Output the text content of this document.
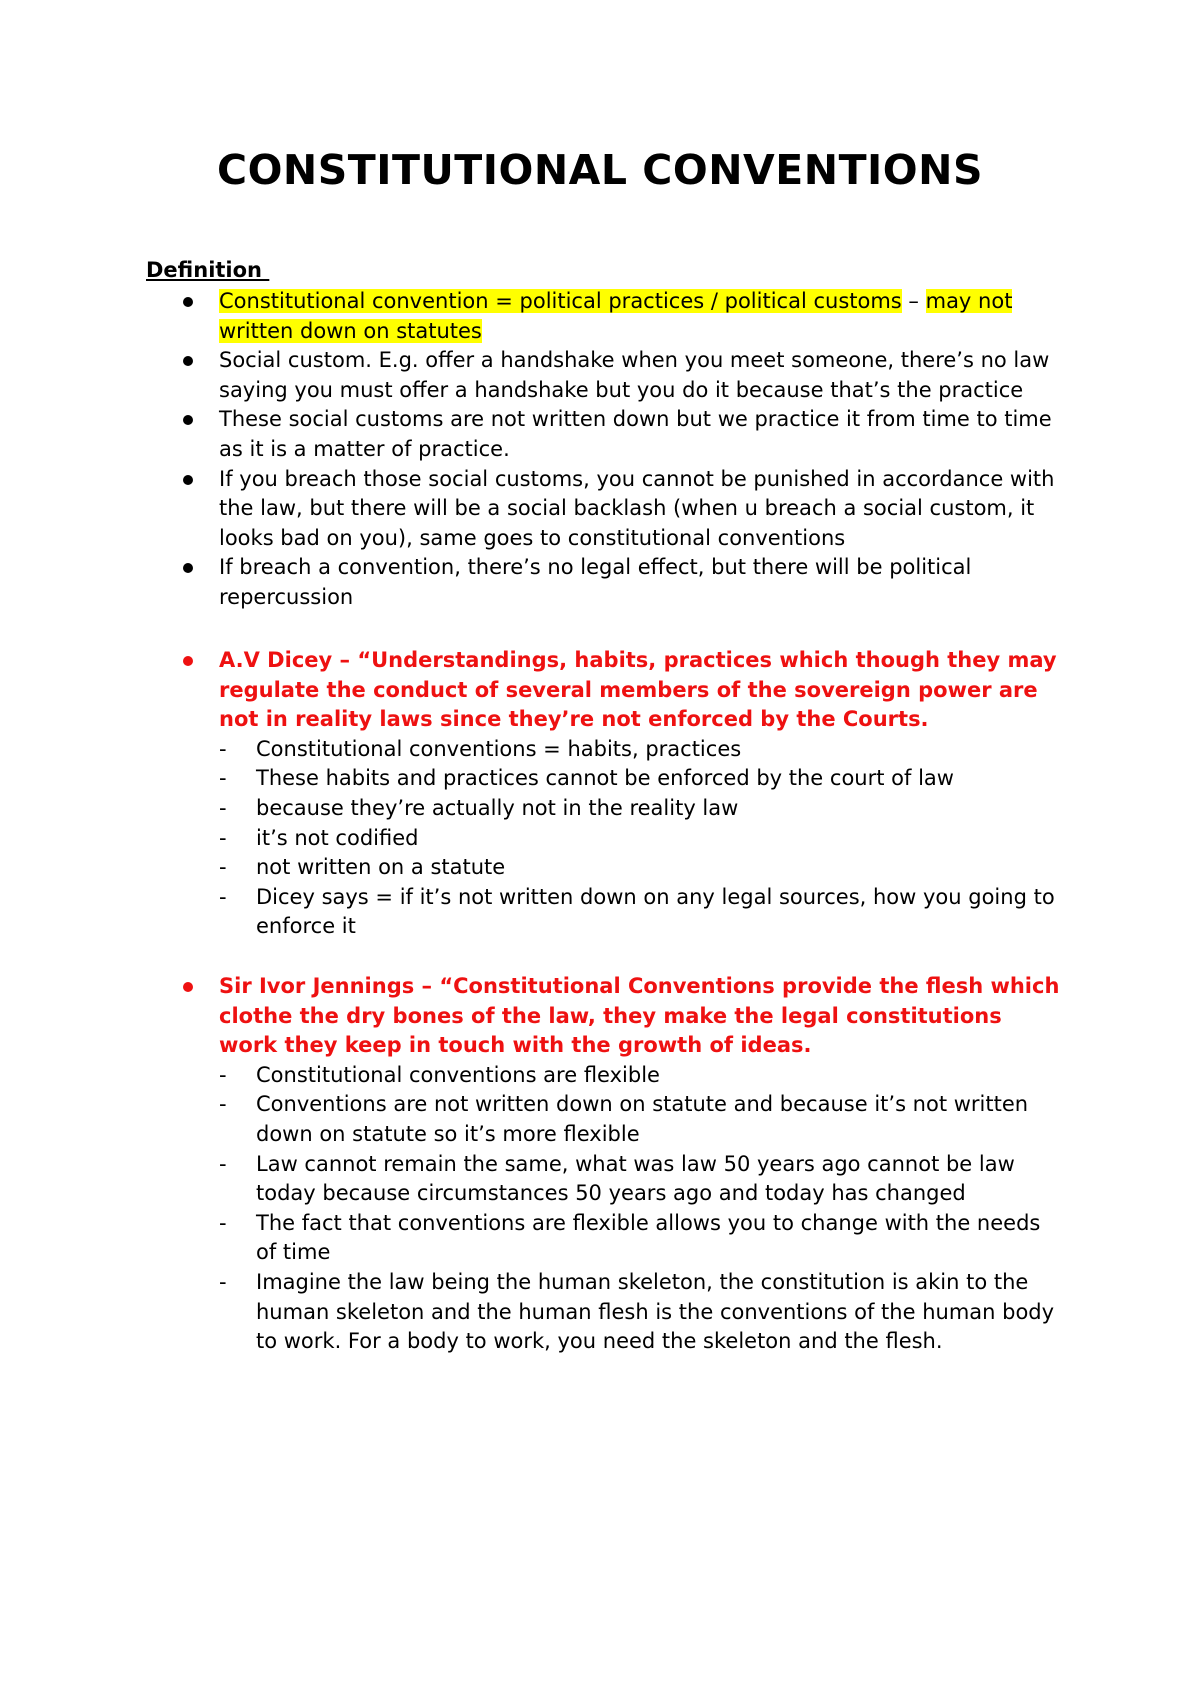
CONSTITUTIONAL CONVENTIONS
Definition
Constitutional convention = political practices / political customs – may not written down on statutes
Social custom. E.g. offer a handshake when you meet someone, there’s no law saying you must offer a handshake but you do it because that’s the practice
These social customs are not written down but we practice it from time to time as it is a matter of practice.
If you breach those social customs, you cannot be punished in accordance with the law, but there will be a social backlash (when u breach a social custom, it looks bad on you), same goes to constitutional conventions
If breach a convention, there’s no legal effect, but there will be political repercussion
A.V Dicey – “Understandings, habits, practices which though they may regulate the conduct of several members of the sovereign power are not in reality laws since they’re not enforced by the Courts.
- Constitutional conventions = habits, practices
- These habits and practices cannot be enforced by the court of law
- because they’re actually not in the reality law
- it’s not codified
- not written on a statute
- Dicey says = if it’s not written down on any legal sources, how you going to enforce it
Sir Ivor Jennings – “Constitutional Conventions provide the flesh which clothe the dry bones of the law, they make the legal constitutions work they keep in touch with the growth of ideas.
- Constitutional conventions are flexible
- Conventions are not written down on statute and because it’s not written down on statute so it’s more flexible
- Law cannot remain the same, what was law 50 years ago cannot be law today because circumstances 50 years ago and today has changed
- The fact that conventions are flexible allows you to change with the needs of time
- Imagine the law being the human skeleton, the constitution is akin to the human skeleton and the human flesh is the conventions of the human body to work. For a body to work, you need the skeleton and the flesh.
